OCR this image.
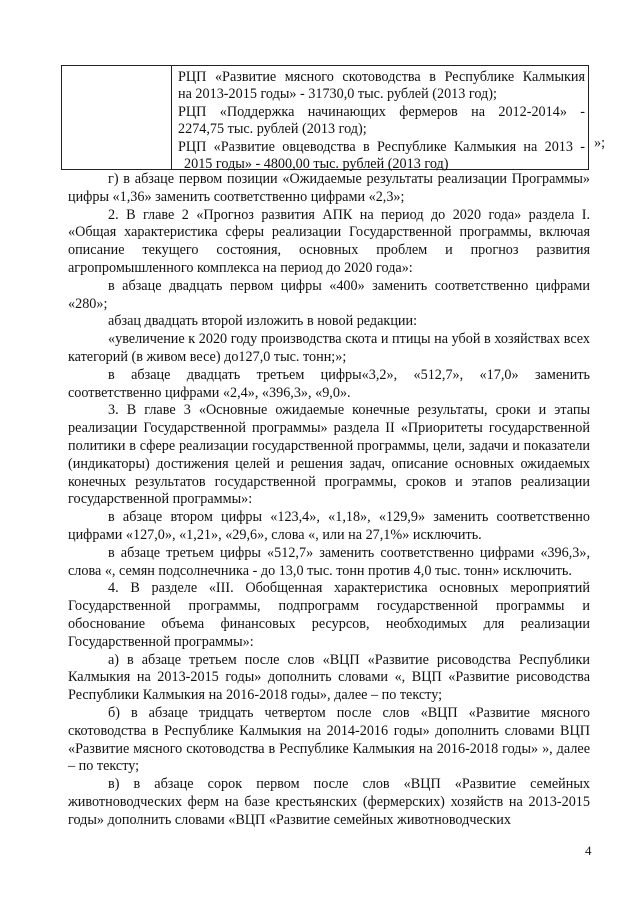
РЦП «Развитие мясного скотоводства в Республике Калмыкия

на 2013-2015 годы» - 31730,0 тыс. рублей (2013 год);

РЦП «Поддержка начинающих фермеров на 2012-2014» -

2274,75 тыс. рублей (2013 год);

РЦП «Развитие овцеводства в Республике Калмыкия на 2013 -

2015 годы» - 4800,00 тыс. рублей (2013 год)

»;

г) в абзаце первом позиции «Ожидаемые результаты реализации Программы» цифры «1,36» заменить соответственно цифрами «2,3»;

2. В главе 2 «Прогноз развития АПК на период до 2020 года» раздела I. «Общая характеристика сферы реализации Государственной программы, включая описание текущего состояния, основных проблем и прогноз развития агропромышленного комплекса на период до 2020 года»:

в абзаце двадцать первом цифры «400» заменить соответственно цифрами «280»;

абзац двадцать второй изложить в новой редакции:

«увеличение к 2020 году производства скота и птицы на убой в хозяйствах всех категорий (в живом весе) до127,0 тыс. тонн;»;

в абзаце двадцать третьем цифры«3,2», «512,7», «17,0» заменить соответственно цифрами «2,4», «396,3», «9,0».

3. В главе 3 «Основные ожидаемые конечные результаты, сроки и этапы реализации Государственной программы» раздела II «Приоритеты государственной политики в сфере реализации государственной программы, цели, задачи и показатели (индикаторы) достижения целей и решения задач, описание основных ожидаемых конечных результатов государственной программы, сроков и этапов реализации государственной программы»:

в абзаце втором цифры «123,4», «1,18», «129,9» заменить соответственно цифрами «127,0», «1,21», «29,6», слова «, или на 27,1%» исключить.

в абзаце третьем цифры «512,7» заменить соответственно цифрами «396,3», слова «, семян подсолнечника - до 13,0 тыс. тонн против 4,0 тыс. тонн» исключить.

4. В разделе «III. Обобщенная характеристика основных мероприятий Государственной программы, подпрограмм государственной программы и обоснование объема финансовых ресурсов, необходимых для реализации Государственной программы»:

а) в абзаце третьем после слов «ВЦП «Развитие рисоводства Республики Калмыкия на 2013-2015 годы» дополнить словами «, ВЦП «Развитие рисоводства Республики Калмыкия на 2016-2018 годы», далее – по тексту;

б) в абзаце тридцать четвертом после слов «ВЦП «Развитие мясного скотоводства в Республике Калмыкия на 2014-2016 годы» дополнить словами ВЦП «Развитие мясного скотоводства в Республике Калмыкия на 2016-2018 годы» », далее – по тексту;

в) в абзаце сорок первом после слов «ВЦП «Развитие семейных животноводческих ферм на базе крестьянских (фермерских) хозяйств на 2013-2015 годы» дополнить словами «ВЦП «Развитие семейных животноводческих

4
